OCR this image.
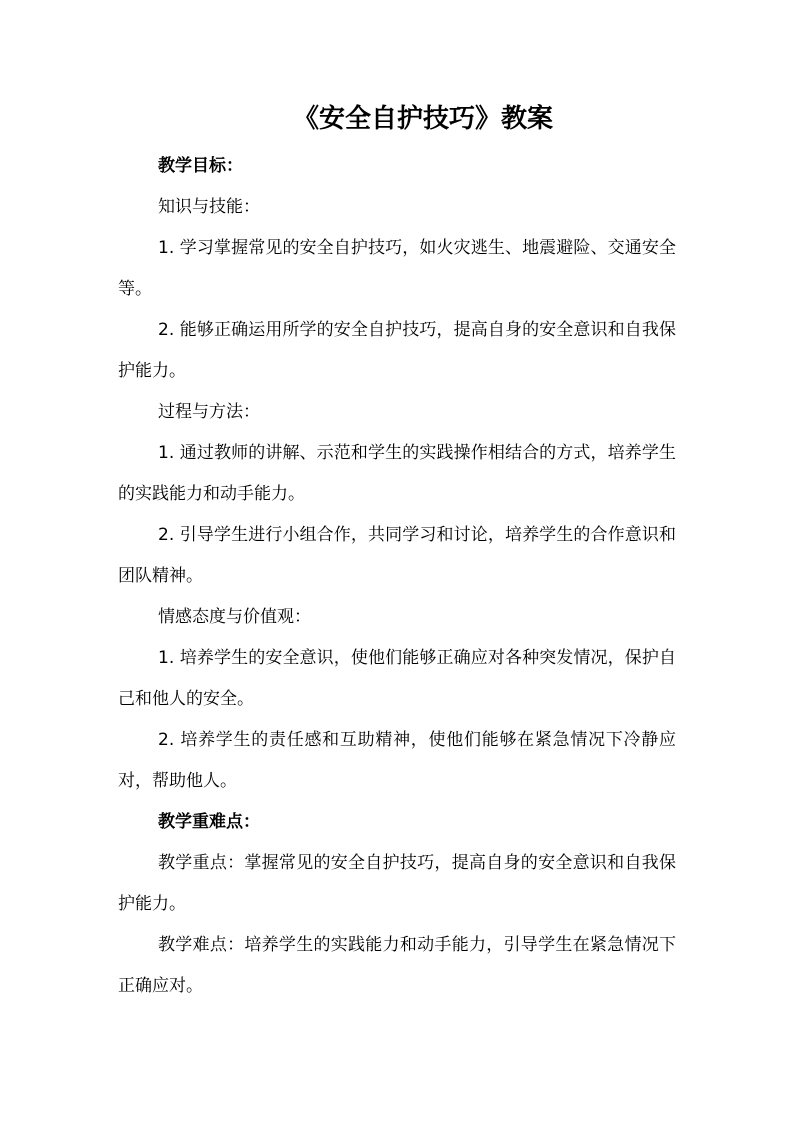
《安全自护技巧》教案

教学目标：

知识与技能：

1. 学习掌握常见的安全自护技巧，如火灾逃生、地震避险、交通安全等。

2. 能够正确运用所学的安全自护技巧，提高自身的安全意识和自我保护能力。

过程与方法：

1. 通过教师的讲解、示范和学生的实践操作相结合的方式，培养学生的实践能力和动手能力。

2. 引导学生进行小组合作，共同学习和讨论，培养学生的合作意识和团队精神。

情感态度与价值观：

1. 培养学生的安全意识，使他们能够正确应对各种突发情况，保护自己和他人的安全。

2. 培养学生的责任感和互助精神，使他们能够在紧急情况下冷静应对，帮助他人。

教学重难点：

教学重点：掌握常见的安全自护技巧，提高自身的安全意识和自我保护能力。

教学难点：培养学生的实践能力和动手能力，引导学生在紧急情况下正确应对。
